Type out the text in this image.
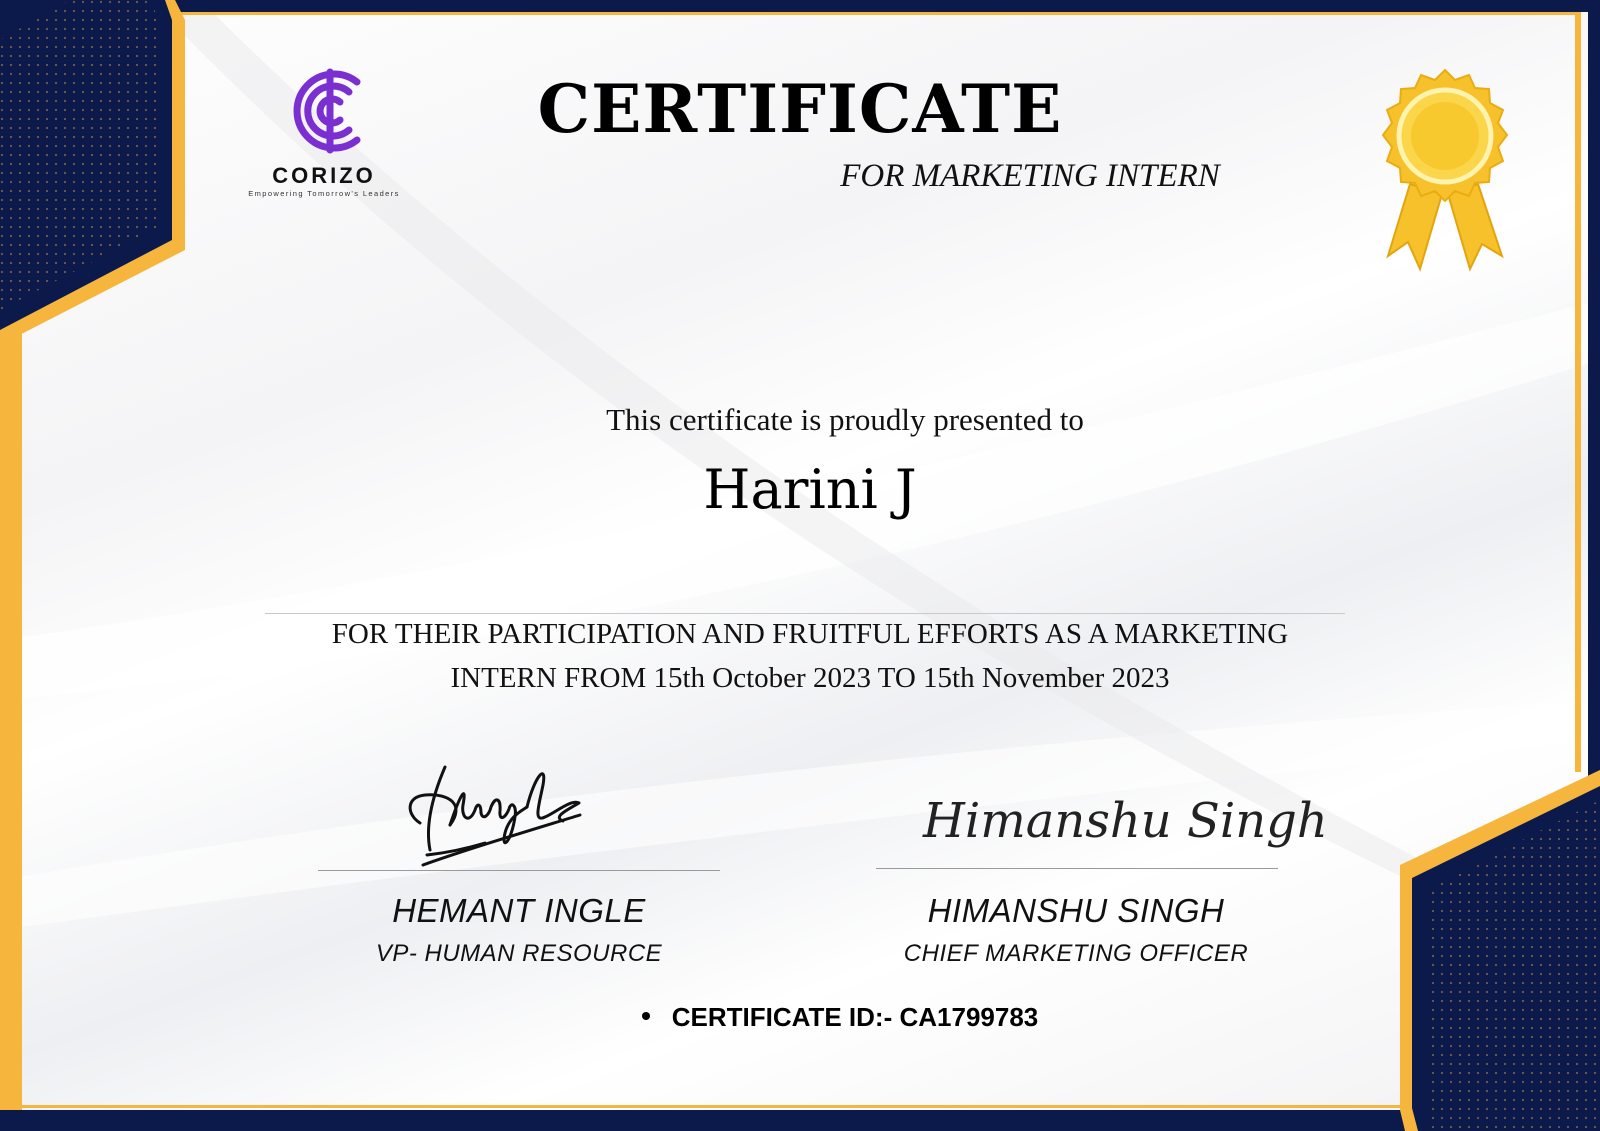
CORIZO
Empowering Tomorrow's Leaders
CERTIFICATE
FOR MARKETING INTERN
This certificate is proudly presented to
Harini J
FOR THEIR PARTICIPATION AND FRUITFUL EFFORTS AS A MARKETING
INTERN FROM 15th October 2023 TO 15th November 2023
Himanshu Singh
HEMANT INGLE
VP- HUMAN RESOURCE
HIMANSHU SINGH
CHIEF MARKETING OFFICER
CERTIFICATE ID:- CA1799783
